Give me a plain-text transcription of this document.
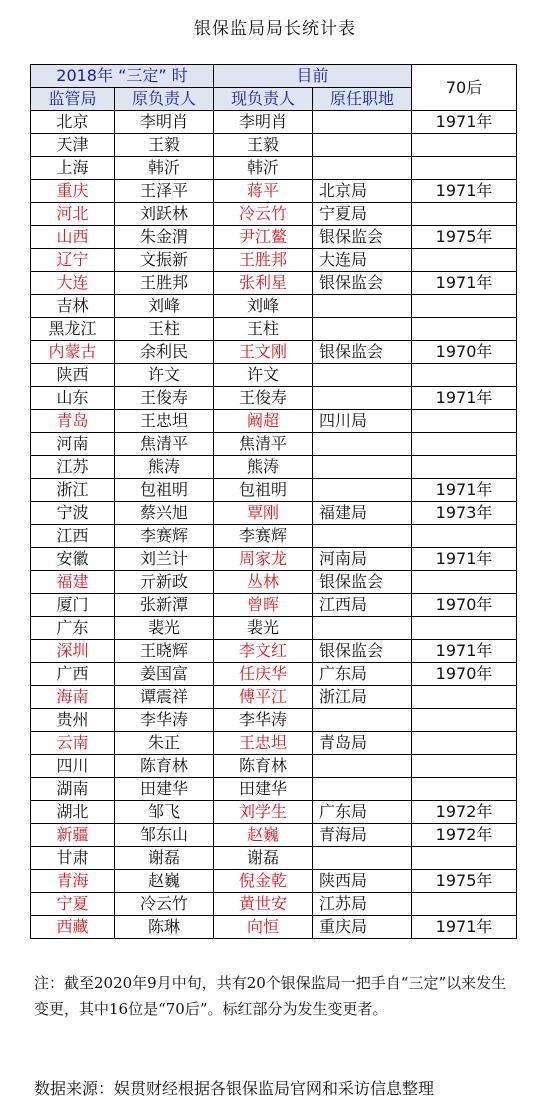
银保监局局长统计表
2018年 “三定” 时		目前		70后
监管局	原负责人	现负责人	原任职地	
北京	李明肖	李明肖		1971年
天津	王毅	王毅		
上海	韩沂	韩沂		
重庆	王泽平	蒋平	北京局	1971年
河北	刘跃林	冷云竹	宁夏局	
山西	朱金渭	尹江鳌	银保监会	1975年
辽宁	文振新	王胜邦	大连局	
大连	王胜邦	张利星	银保监会	1971年
吉林	刘峰	刘峰		
黑龙江	王柱	王柱		
内蒙古	余利民	王文刚	银保监会	1970年
陕西	许文	许文		
山东	王俊寿	王俊寿		1971年
青岛	王忠坦	阚超	四川局	
河南	焦清平	焦清平		
江苏	熊涛	熊涛		
浙江	包祖明	包祖明		1971年
宁波	蔡兴旭	覃刚	福建局	1973年
江西	李赛辉	李赛辉		
安徽	刘兰计	周家龙	河南局	1971年
福建	亓新政	丛林	银保监会	
厦门	张新潭	曾晖	江西局	1970年
广东	裴光	裴光		
深圳	王晓辉	李文红	银保监会	1971年
广西	姜国富	任庆华	广东局	1970年
海南	谭震祥	傅平江	浙江局	
贵州	李华涛	李华涛		
云南	朱正	王忠坦	青岛局	
四川	陈育林	陈育林		
湖南	田建华	田建华		
湖北	邹飞	刘学生	广东局	1972年
新疆	邹东山	赵巍	青海局	1972年
甘肃	谢磊	谢磊		
青海	赵巍	倪金乾	陕西局	1975年
宁夏	冷云竹	黄世安	江苏局	
西藏	陈琳	向恒	重庆局	1971年
注：截至2020年9月中旬，共有20个银保监局一把手自“三定”以来发生变更，其中16位是“70后”。标红部分为发生变更者。
数据来源：娱贯财经根据各银保监局官网和采访信息整理
